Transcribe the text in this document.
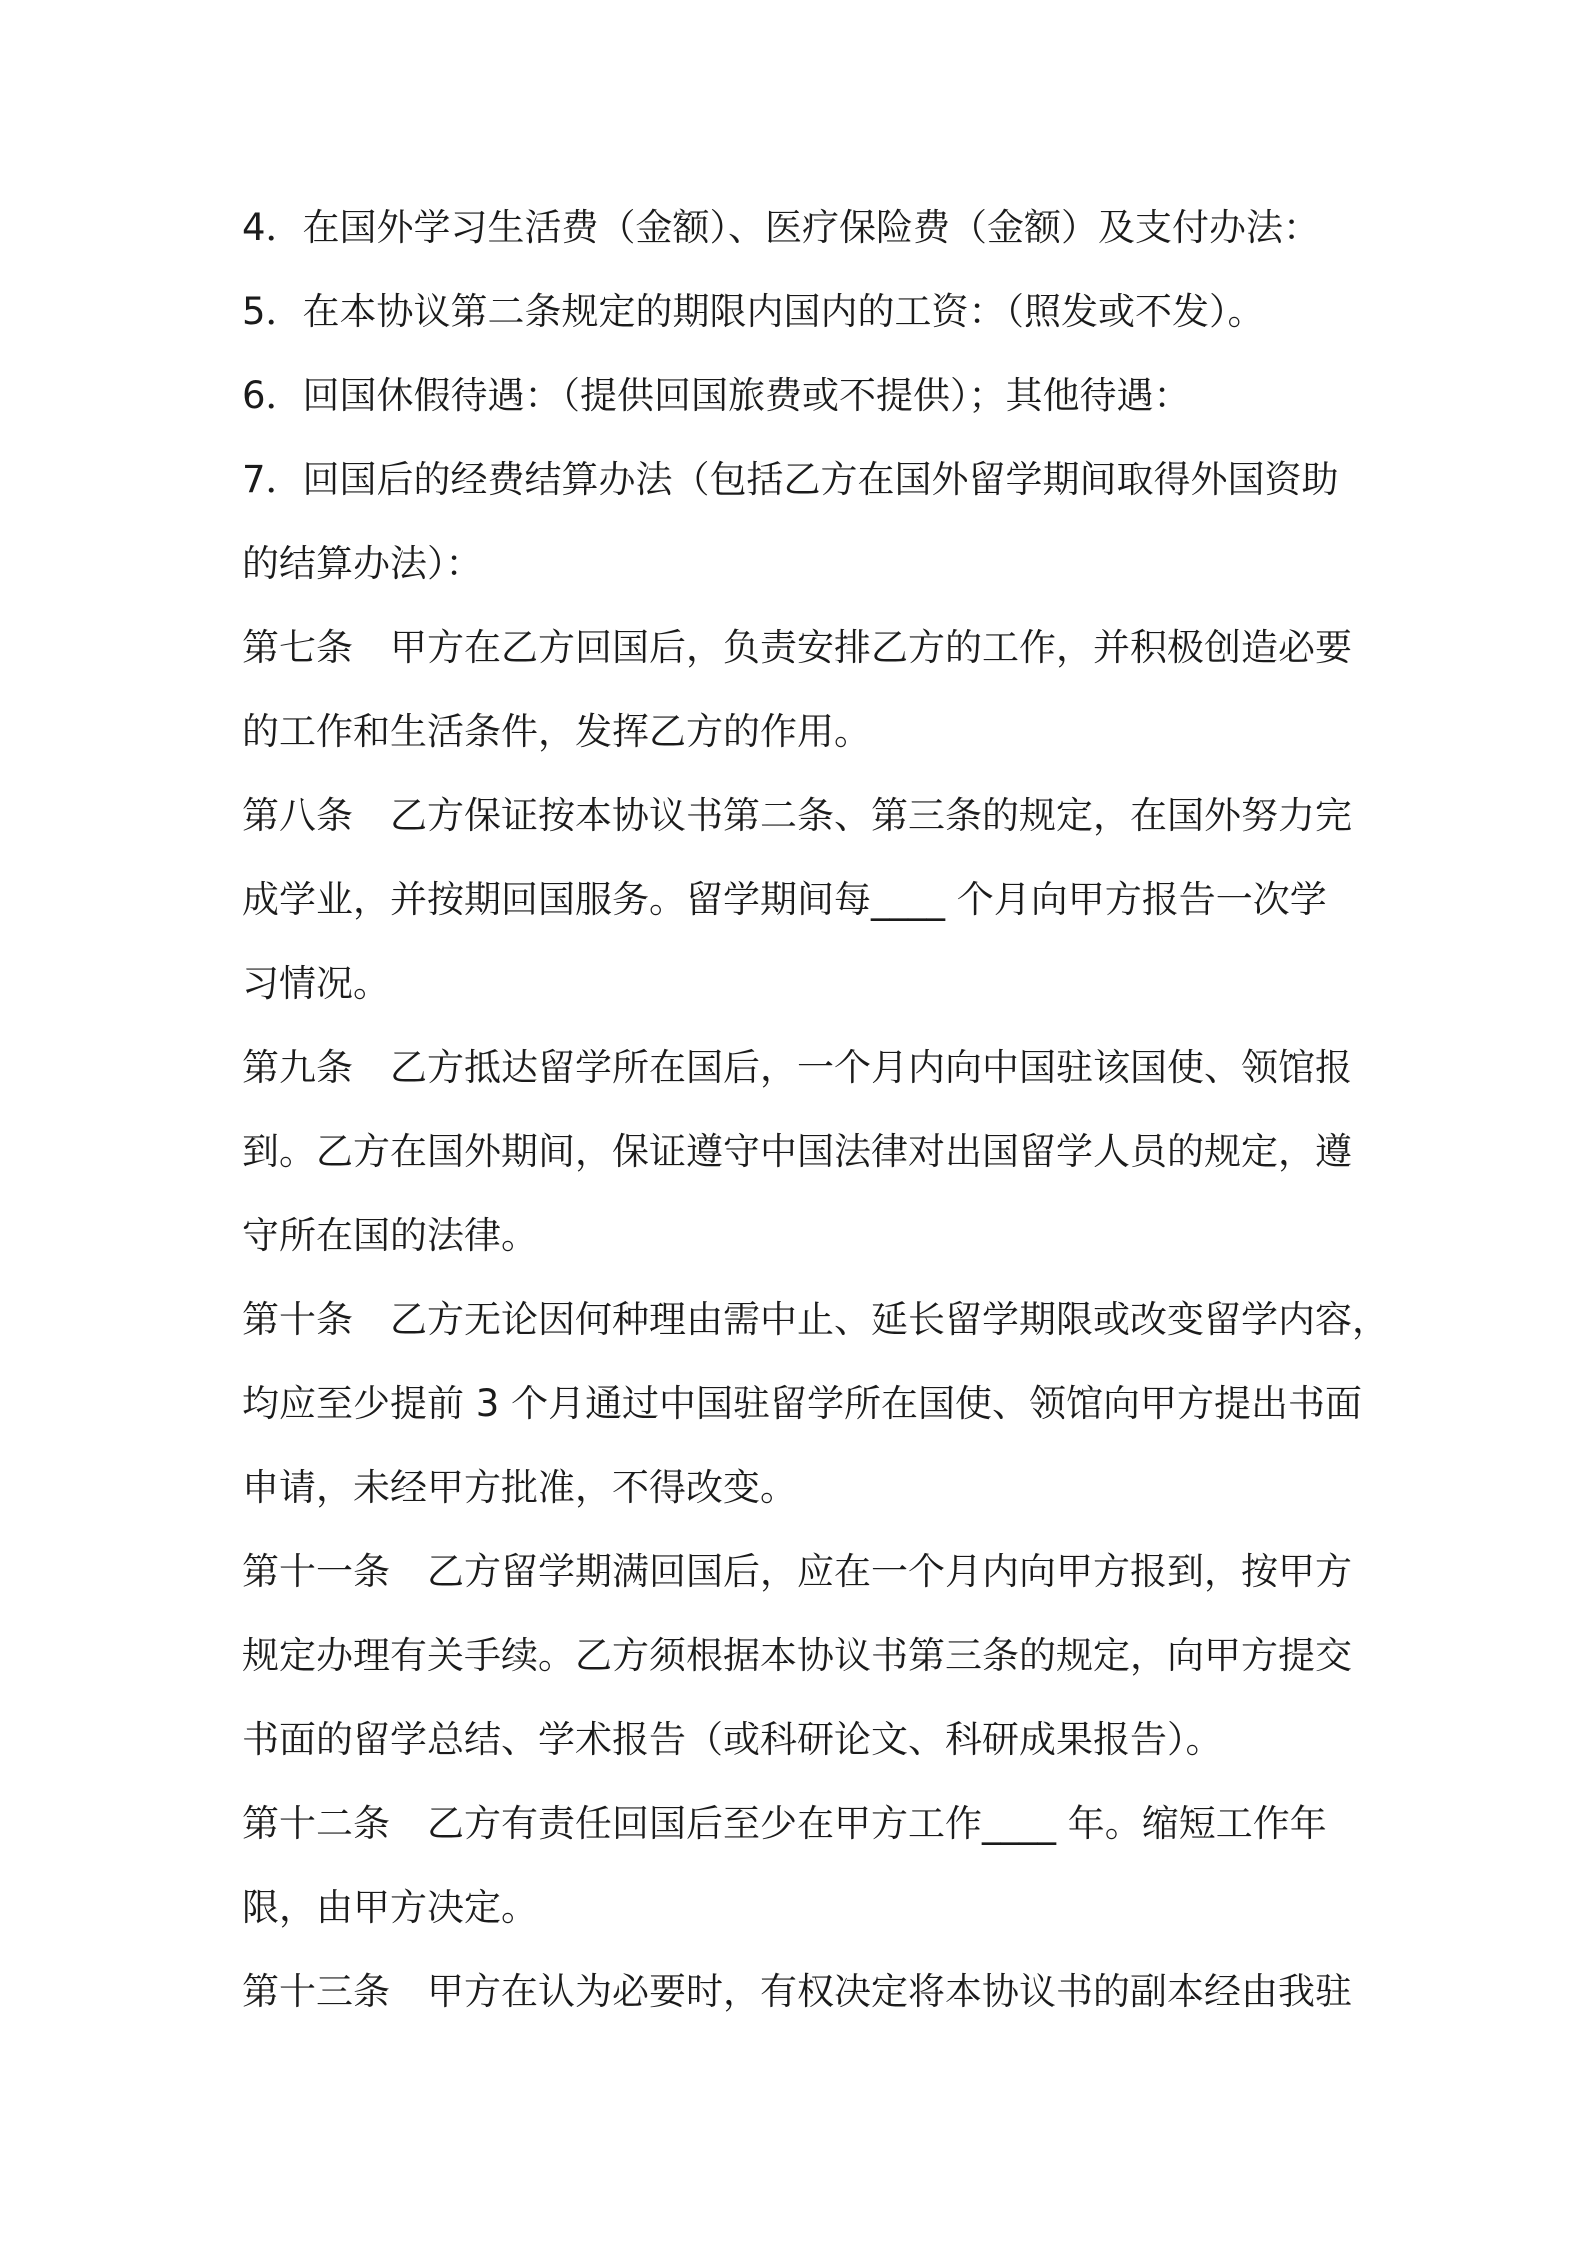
4．在国外学习生活费（金额）、医疗保险费（金额）及支付办法：
5．在本协议第二条规定的期限内国内的工资：（照发或不发）。
6．回国休假待遇：（提供回国旅费或不提供）；其他待遇：
7．回国后的经费结算办法（包括乙方在国外留学期间取得外国资助
的结算办法）：
第七条　甲方在乙方回国后，负责安排乙方的工作，并积极创造必要
的工作和生活条件，发挥乙方的作用。
第八条　乙方保证按本协议书第二条、第三条的规定，在国外努力完
成学业，并按期回国服务。留学期间每____ 个月向甲方报告一次学
习情况。
第九条　乙方抵达留学所在国后，一个月内向中国驻该国使、领馆报
到。乙方在国外期间，保证遵守中国法律对出国留学人员的规定，遵
守所在国的法律。
第十条　乙方无论因何种理由需中止、延长留学期限或改变留学内容，
均应至少提前 3 个月通过中国驻留学所在国使、领馆向甲方提出书面
申请，未经甲方批准，不得改变。
第十一条　乙方留学期满回国后，应在一个月内向甲方报到，按甲方
规定办理有关手续。乙方须根据本协议书第三条的规定，向甲方提交
书面的留学总结、学术报告（或科研论文、科研成果报告）。
第十二条　乙方有责任回国后至少在甲方工作____ 年。缩短工作年
限，由甲方决定。
第十三条　甲方在认为必要时，有权决定将本协议书的副本经由我驻
